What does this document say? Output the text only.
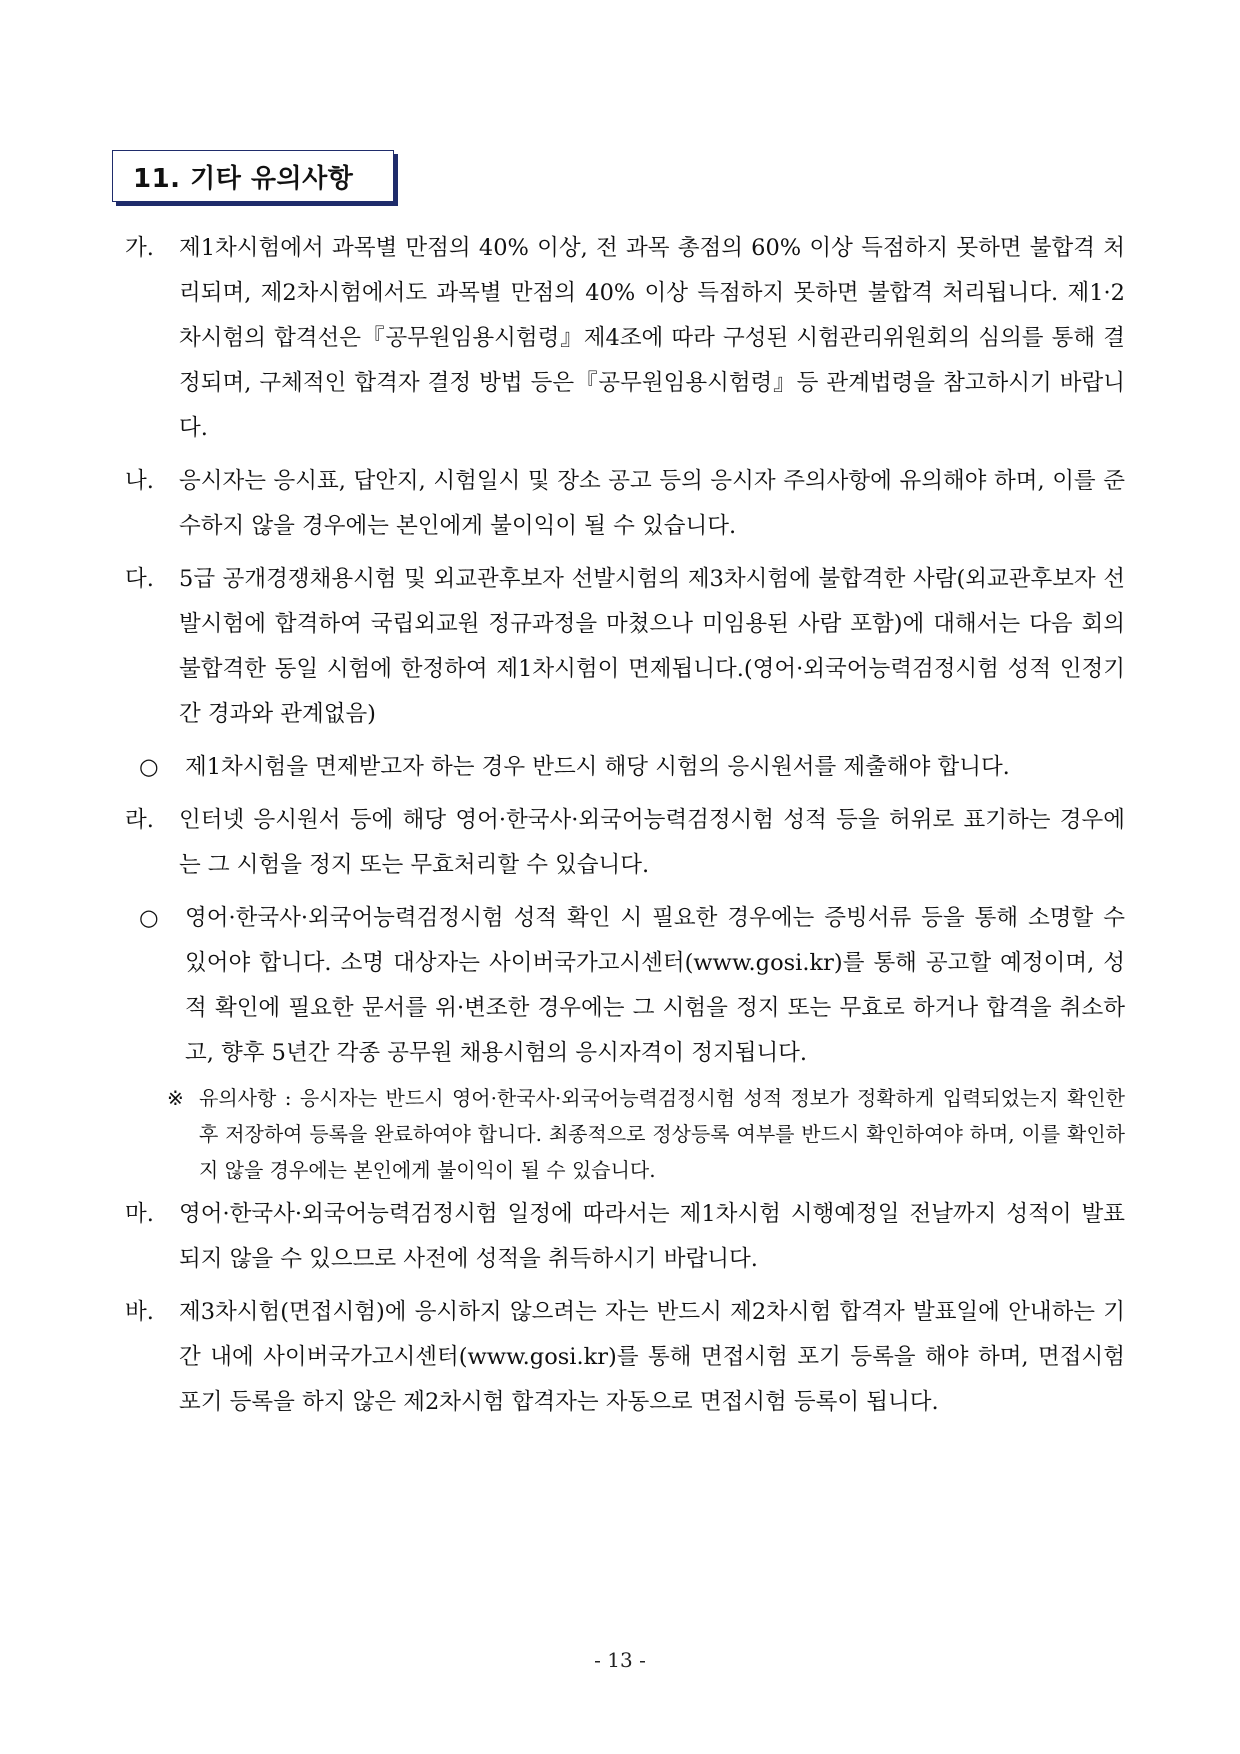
11. 기타 유의사항
가.	제1차시험에서 과목별 만점의 40% 이상, 전 과목 총점의 60% 이상 득점하지 못하면 불합격 처리되며, 제2차시험에서도 과목별 만점의 40% 이상 득점하지 못하면 불합격 처리됩니다. 제1·2차시험의 합격선은『공무원임용시험령』제4조에 따라 구성된 시험관리위원회의 심의를 통해 결정되며, 구체적인 합격자 결정 방법 등은『공무원임용시험령』등 관계법령을 참고하시기 바랍니다.
나.	응시자는 응시표, 답안지, 시험일시 및 장소 공고 등의 응시자 주의사항에 유의해야 하며, 이를 준수하지 않을 경우에는 본인에게 불이익이 될 수 있습니다.
다.	5급 공개경쟁채용시험 및 외교관후보자 선발시험의 제3차시험에 불합격한 사람(외교관후보자 선발시험에 합격하여 국립외교원 정규과정을 마쳤으나 미임용된 사람 포함)에 대해서는 다음 회의 불합격한 동일 시험에 한정하여 제1차시험이 면제됩니다.(영어·외국어능력검정시험 성적 인정기간 경과와 관계없음)
○	제1차시험을 면제받고자 하는 경우 반드시 해당 시험의 응시원서를 제출해야 합니다.
라.	인터넷 응시원서 등에 해당 영어·한국사·외국어능력검정시험 성적 등을 허위로 표기하는 경우에는 그 시험을 정지 또는 무효처리할 수 있습니다.
○	영어·한국사·외국어능력검정시험 성적 확인 시 필요한 경우에는 증빙서류 등을 통해 소명할 수 있어야 합니다. 소명 대상자는 사이버국가고시센터(www.gosi.kr)를 통해 공고할 예정이며, 성적 확인에 필요한 문서를 위·변조한 경우에는 그 시험을 정지 또는 무효로 하거나 합격을 취소하고, 향후 5년간 각종 공무원 채용시험의 응시자격이 정지됩니다.
※ 유의사항 : 응시자는 반드시 영어·한국사·외국어능력검정시험 성적 정보가 정확하게 입력되었는지 확인한 후 저장하여 등록을 완료하여야 합니다. 최종적으로 정상등록 여부를 반드시 확인하여야 하며, 이를 확인하지 않을 경우에는 본인에게 불이익이 될 수 있습니다.
마.	영어·한국사·외국어능력검정시험 일정에 따라서는 제1차시험 시행예정일 전날까지 성적이 발표되지 않을 수 있으므로 사전에 성적을 취득하시기 바랍니다.
바.	제3차시험(면접시험)에 응시하지 않으려는 자는 반드시 제2차시험 합격자 발표일에 안내하는 기간 내에 사이버국가고시센터(www.gosi.kr)를 통해 면접시험 포기 등록을 해야 하며, 면접시험 포기 등록을 하지 않은 제2차시험 합격자는 자동으로 면접시험 등록이 됩니다.
- 13 -
